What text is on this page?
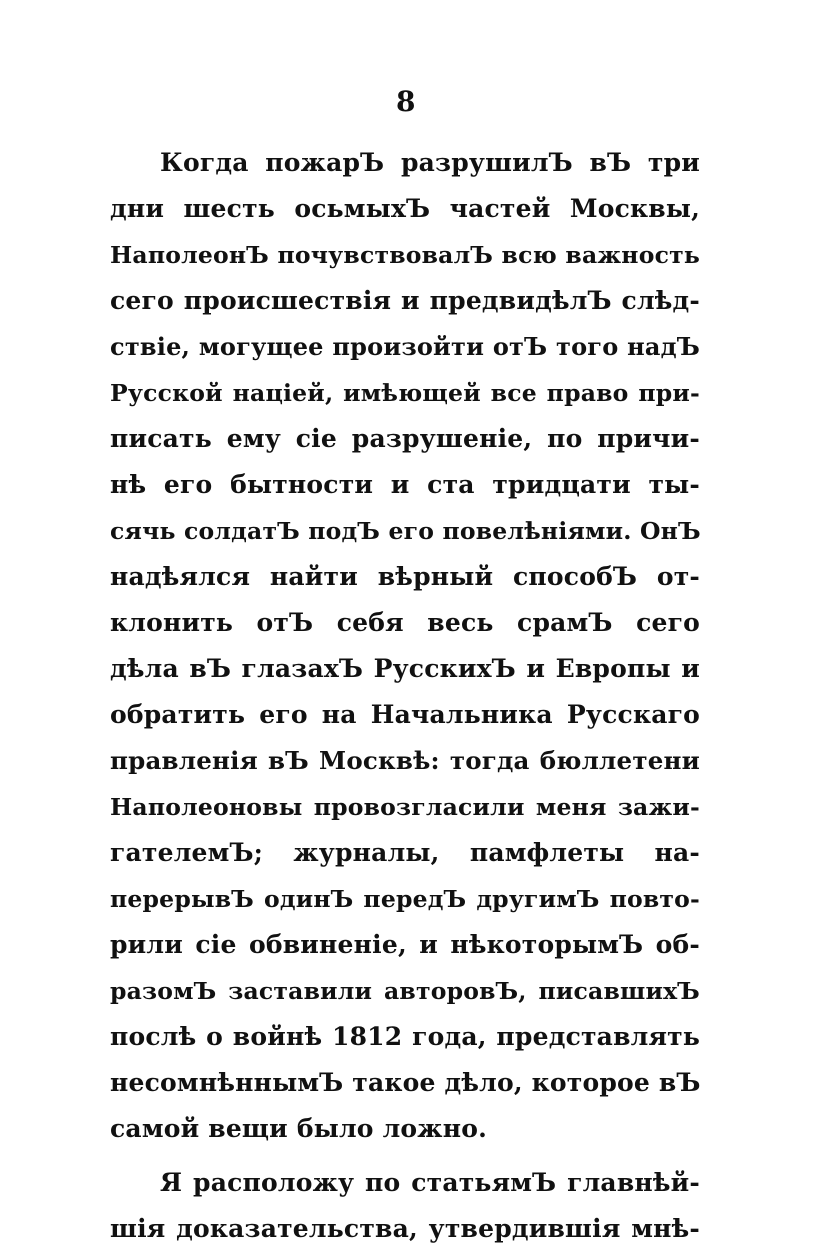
8
Когда пожарЪ разрушилЪ вЪ три
дни шесть осьмыхЪ частей Москвы,
НаполеонЪ почувствовалЪ всю важность
сего происшествія и предвидѣлЪ слѣд-
ствіе, могущее произойти отЪ того надЪ
Русской націей, имѣющей все право при-
писать ему сіе разрушеніе, по причи-
нѣ его бытности и ста тридцати ты-
сячь солдатЪ подЪ его повелѣніями. ОнЪ
надѣялся найти вѣрный способЪ от-
клонить отЪ себя весь срамЪ сего
дѣла вЪ глазахЪ РусскихЪ и Европы и
обратить его на Начальника Русскаго
правленія вЪ Москвѣ: тогда бюллетени
Наполеоновы провозгласили меня зажи-
гателемЪ; журналы, памфлеты на-
перерывЪ одинЪ передЪ другимЪ повто-
рили сіе обвиненіе, и нѣкоторымЪ об-
разомЪ заставили авторовЪ, писавшихЪ
послѣ о войнѣ 1812 года, представлять
несомнѣннымЪ такое дѣло, которое вЪ
самой вещи было ложно.
Я расположу по статьямЪ главнѣй-
шія доказательства, утвердившія мнѣ-
